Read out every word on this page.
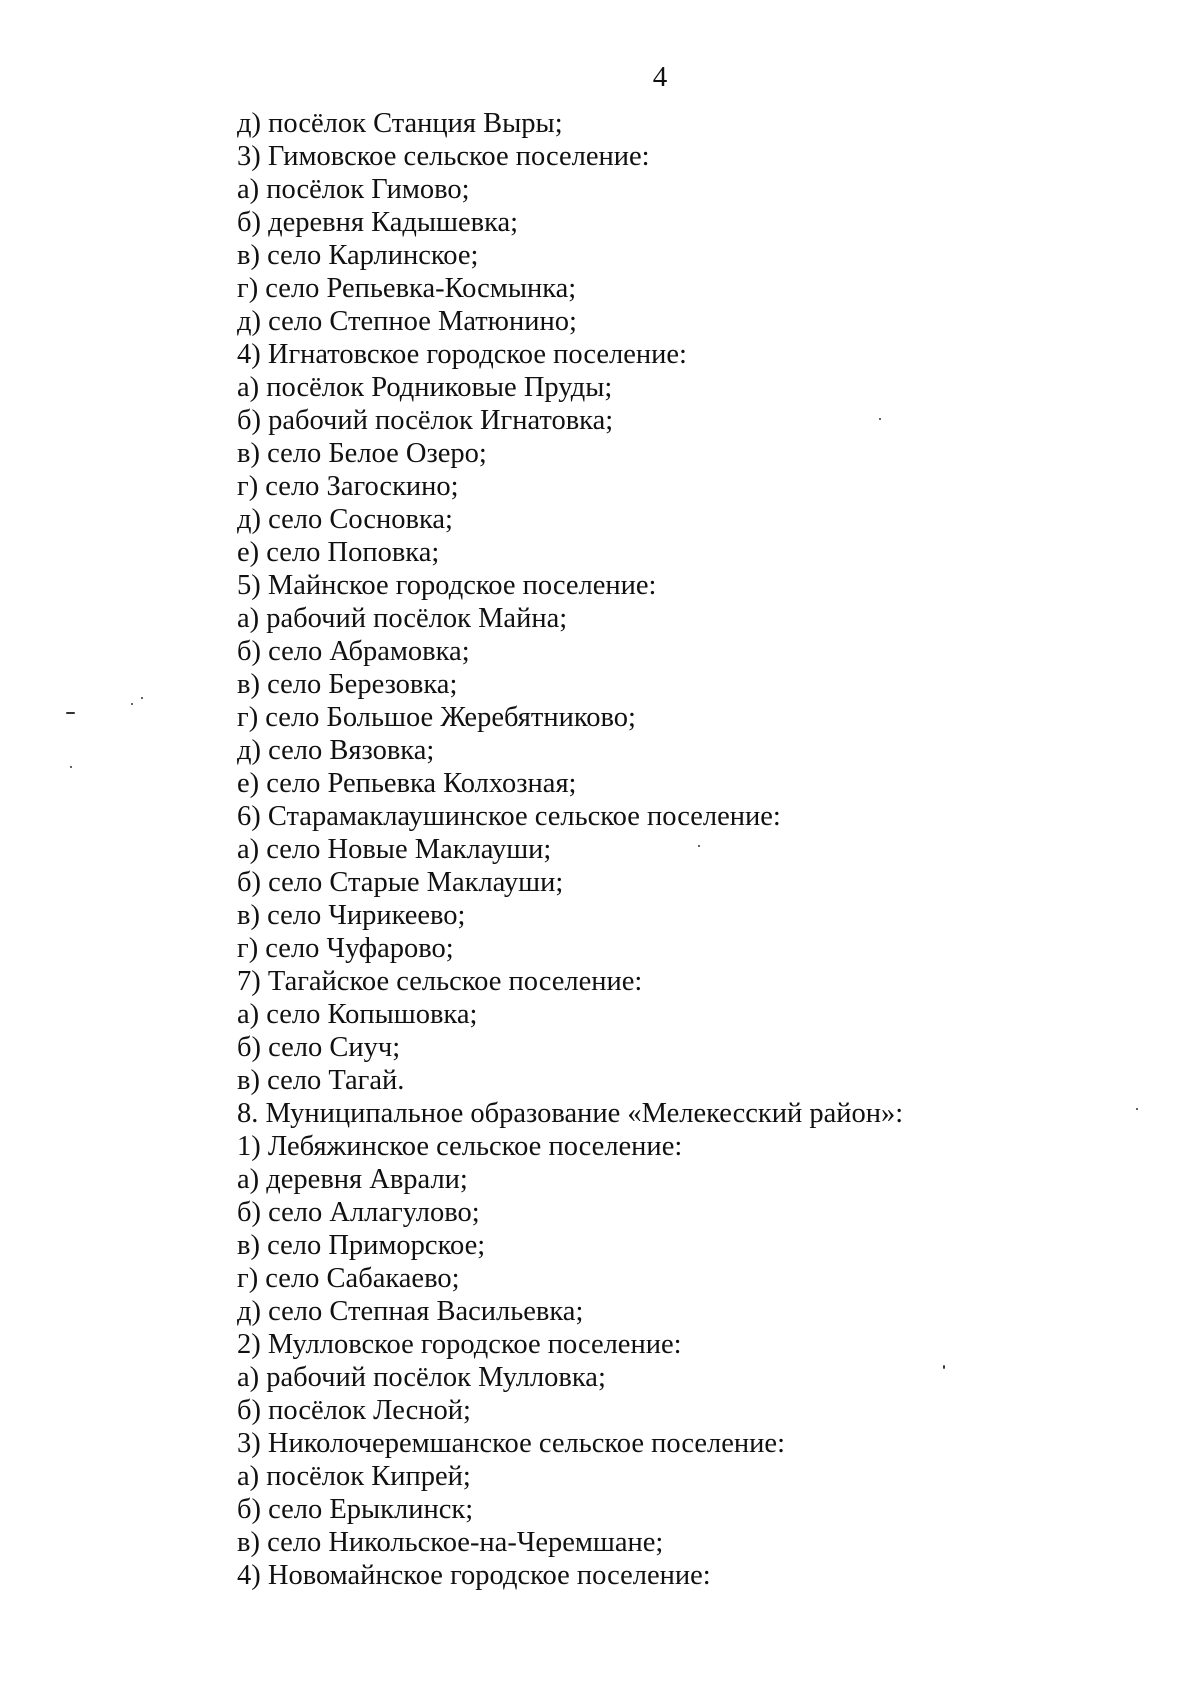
4
д) посёлок Станция Выры;
3) Гимовское сельское поселение:
а) посёлок Гимово;
б) деревня Кадышевка;
в) село Карлинское;
г) село Репьевка-Космынка;
д) село Степное Матюнино;
4) Игнатовское городское поселение:
а) посёлок Родниковые Пруды;
б) рабочий посёлок Игнатовка;
в) село Белое Озеро;
г) село Загоскино;
д) село Сосновка;
е) село Поповка;
5) Майнское городское поселение:
а) рабочий посёлок Майна;
б) село Абрамовка;
в) село Березовка;
г) село Большое Жеребятниково;
д) село Вязовка;
е) село Репьевка Колхозная;
6) Старамаклаушинское сельское поселение:
а) село Новые Маклауши;
б) село Старые Маклауши;
в) село Чирикеево;
г) село Чуфарово;
7) Тагайское сельское поселение:
а) село Копышовка;
б) село Сиуч;
в) село Тагай.
8. Муниципальное образование «Мелекесский район»:
1) Лебяжинское сельское поселение:
а) деревня Аврали;
б) село Аллагулово;
в) село Приморское;
г) село Сабакаево;
д) село Степная Васильевка;
2) Мулловское городское поселение:
а) рабочий посёлок Мулловка;
б) посёлок Лесной;
3) Николочеремшанское сельское поселение:
а) посёлок Кипрей;
б) село Ерыклинск;
в) село Никольское-на-Черемшане;
4) Новомайнское городское поселение:
